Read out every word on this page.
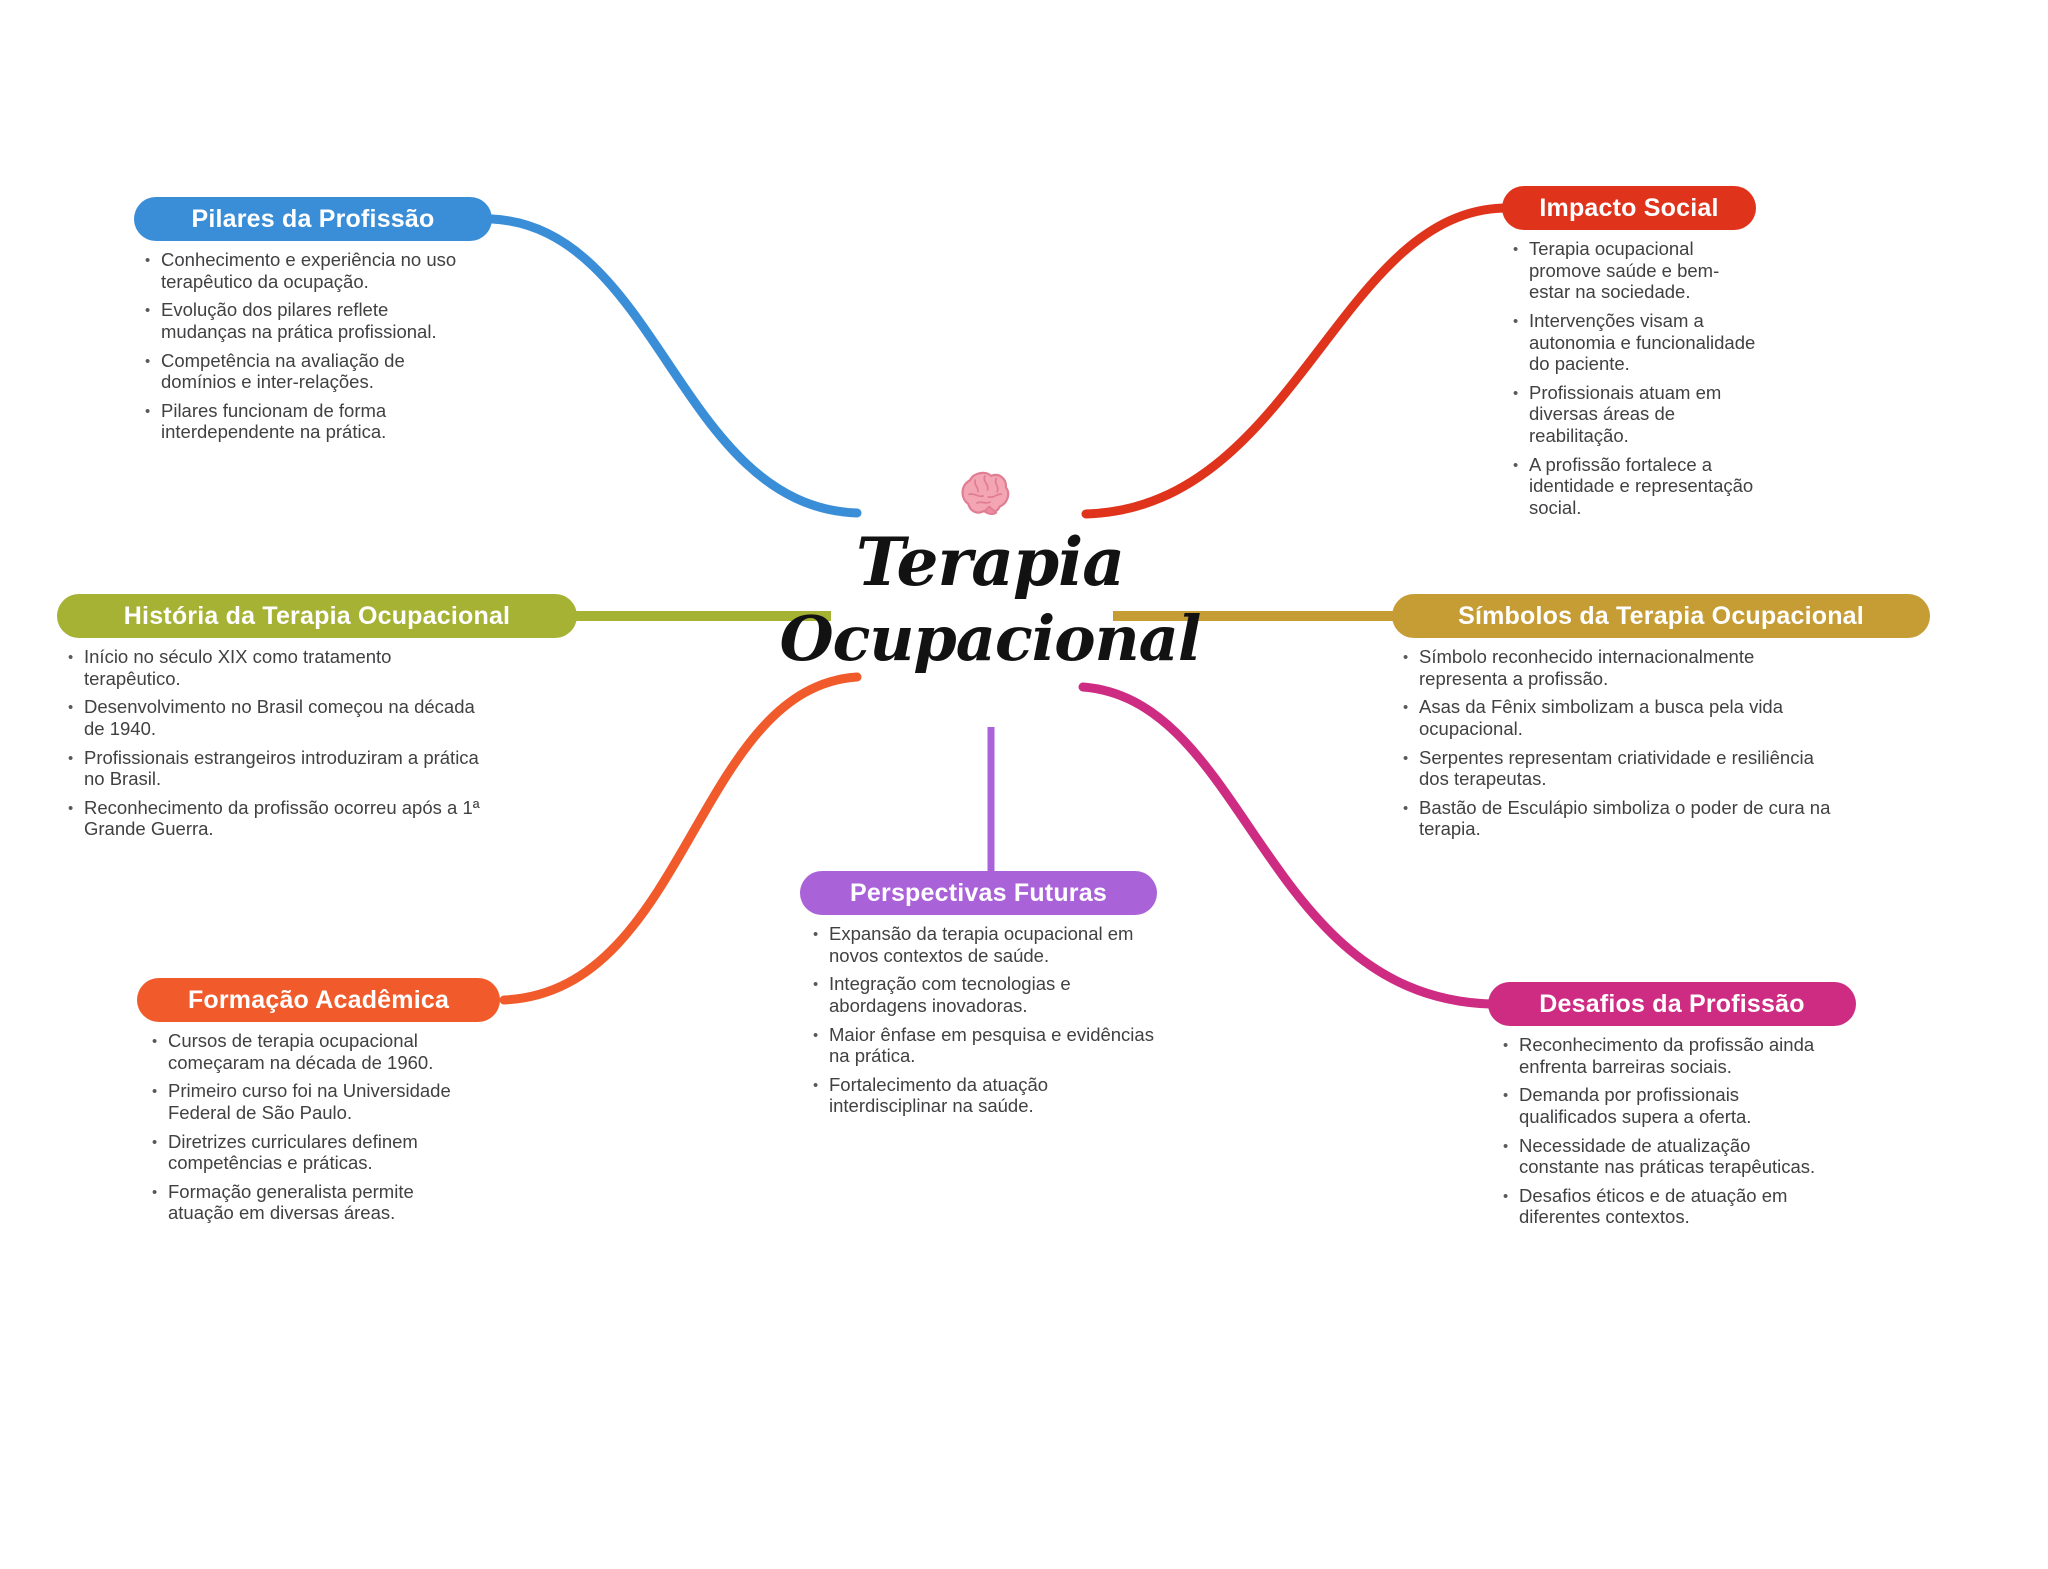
Terapia
Ocupacional
Pilares da Profissão
• Conhecimento e experiência no uso terapêutico da ocupação.
• Evolução dos pilares reflete mudanças na prática profissional.
• Competência na avaliação de domínios e inter-relações.
• Pilares funcionam de forma interdependente na prática.
História da Terapia Ocupacional
• Início no século XIX como tratamento terapêutico.
• Desenvolvimento no Brasil começou na década de 1940.
• Profissionais estrangeiros introduziram a prática no Brasil.
• Reconhecimento da profissão ocorreu após a 1ª Grande Guerra.
Formação Acadêmica
• Cursos de terapia ocupacional começaram na década de 1960.
• Primeiro curso foi na Universidade Federal de São Paulo.
• Diretrizes curriculares definem competências e práticas.
• Formação generalista permite atuação em diversas áreas.
Impacto Social
• Terapia ocupacional promove saúde e bem-estar na sociedade.
• Intervenções visam a autonomia e funcionalidade do paciente.
• Profissionais atuam em diversas áreas de reabilitação.
• A profissão fortalece a identidade e representação social.
Símbolos da Terapia Ocupacional
• Símbolo reconhecido internacionalmente representa a profissão.
• Asas da Fênix simbolizam a busca pela vida ocupacional.
• Serpentes representam criatividade e resiliência dos terapeutas.
• Bastão de Esculápio simboliza o poder de cura na terapia.
Desafios da Profissão
• Reconhecimento da profissão ainda enfrenta barreiras sociais.
• Demanda por profissionais qualificados supera a oferta.
• Necessidade de atualização constante nas práticas terapêuticas.
• Desafios éticos e de atuação em diferentes contextos.
Perspectivas Futuras
• Expansão da terapia ocupacional em novos contextos de saúde.
• Integração com tecnologias e abordagens inovadoras.
• Maior ênfase em pesquisa e evidências na prática.
• Fortalecimento da atuação interdisciplinar na saúde.
